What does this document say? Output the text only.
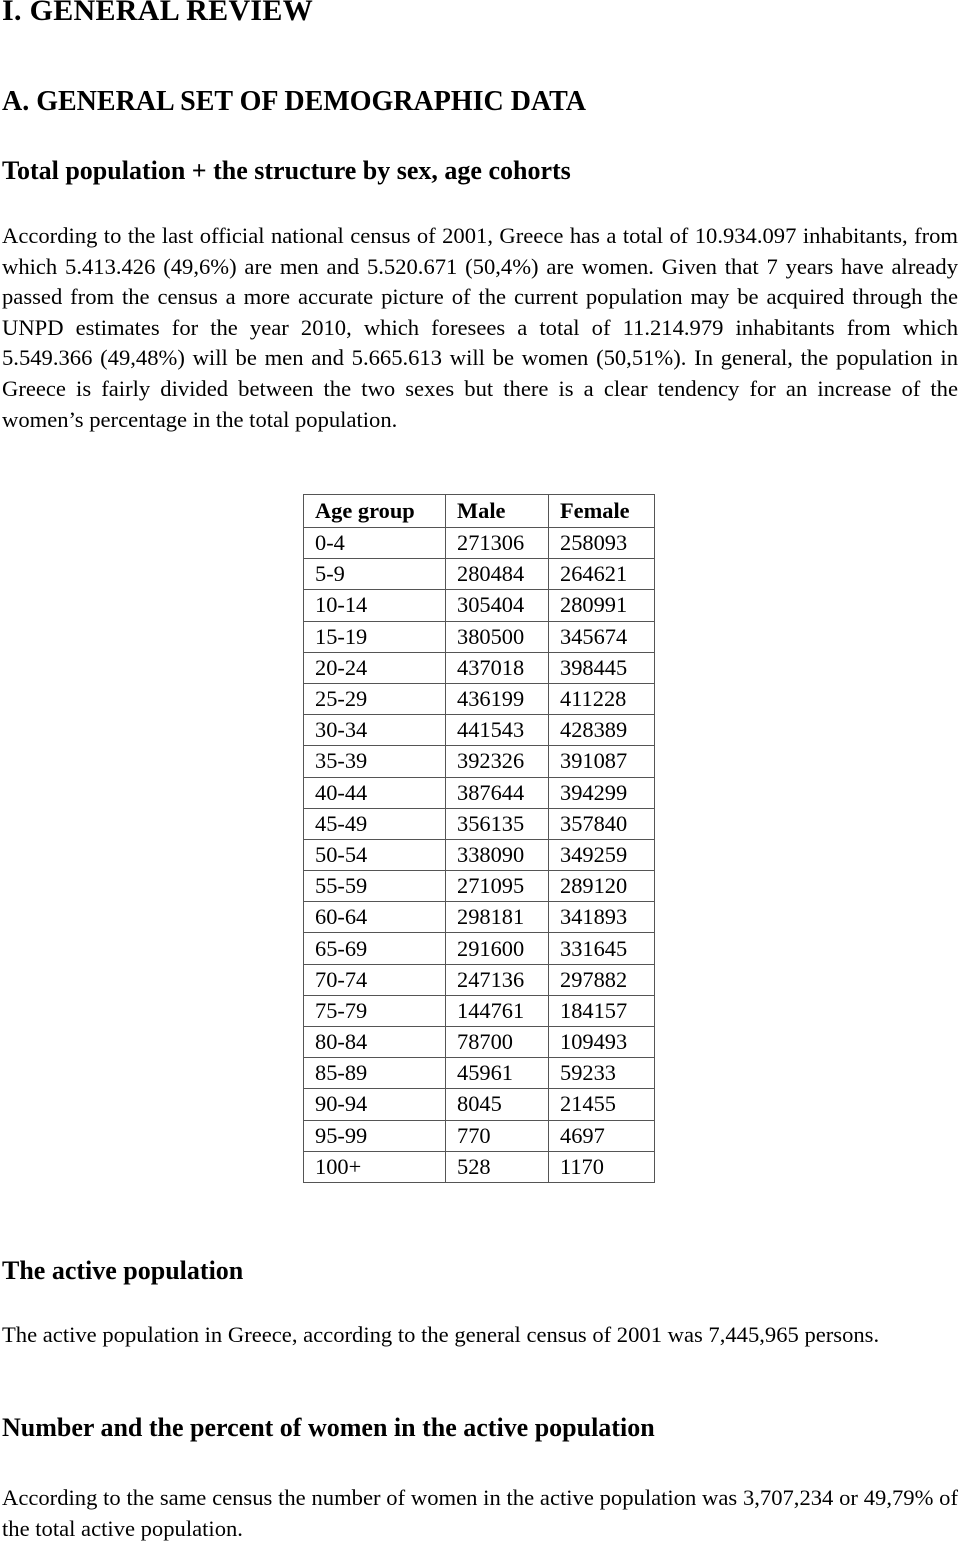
I. GENERAL REVIEW
A. GENERAL SET OF DEMOGRAPHIC DATA
Total population + the structure by sex, age cohorts

According to the last official national census of 2001, Greece has a total of 10.934.097 inhabitants, from which 5.413.426 (49,6%) are men and 5.520.671 (50,4%) are women. Given that 7 years have already passed from the census a more accurate picture of the current population may be acquired through the UNPD estimates for the year 2010, which foresees a total of 11.214.979 inhabitants from which 5.549.366 (49,48%) will be men and 5.665.613 will be women (50,51%). In general, the population in Greece is fairly divided between the two sexes but there is a clear tendency for an increase of the women’s percentage in the total population.

Age group	Male	Female
0-4	271306	258093
5-9	280484	264621
10-14	305404	280991
15-19	380500	345674
20-24	437018	398445
25-29	436199	411228
30-34	441543	428389
35-39	392326	391087
40-44	387644	394299
45-49	356135	357840
50-54	338090	349259
55-59	271095	289120
60-64	298181	341893
65-69	291600	331645
70-74	247136	297882
75-79	144761	184157
80-84	78700	109493
85-89	45961	59233
90-94	8045	21455
95-99	770	4697
100+	528	1170
The active population

The active population in Greece, according to the general census of 2001 was 7,445,965 persons.

Number and the percent of women in the active population

According to the same census the number of women in the active population was 3,707,234 or 49,79% of the total active population.
